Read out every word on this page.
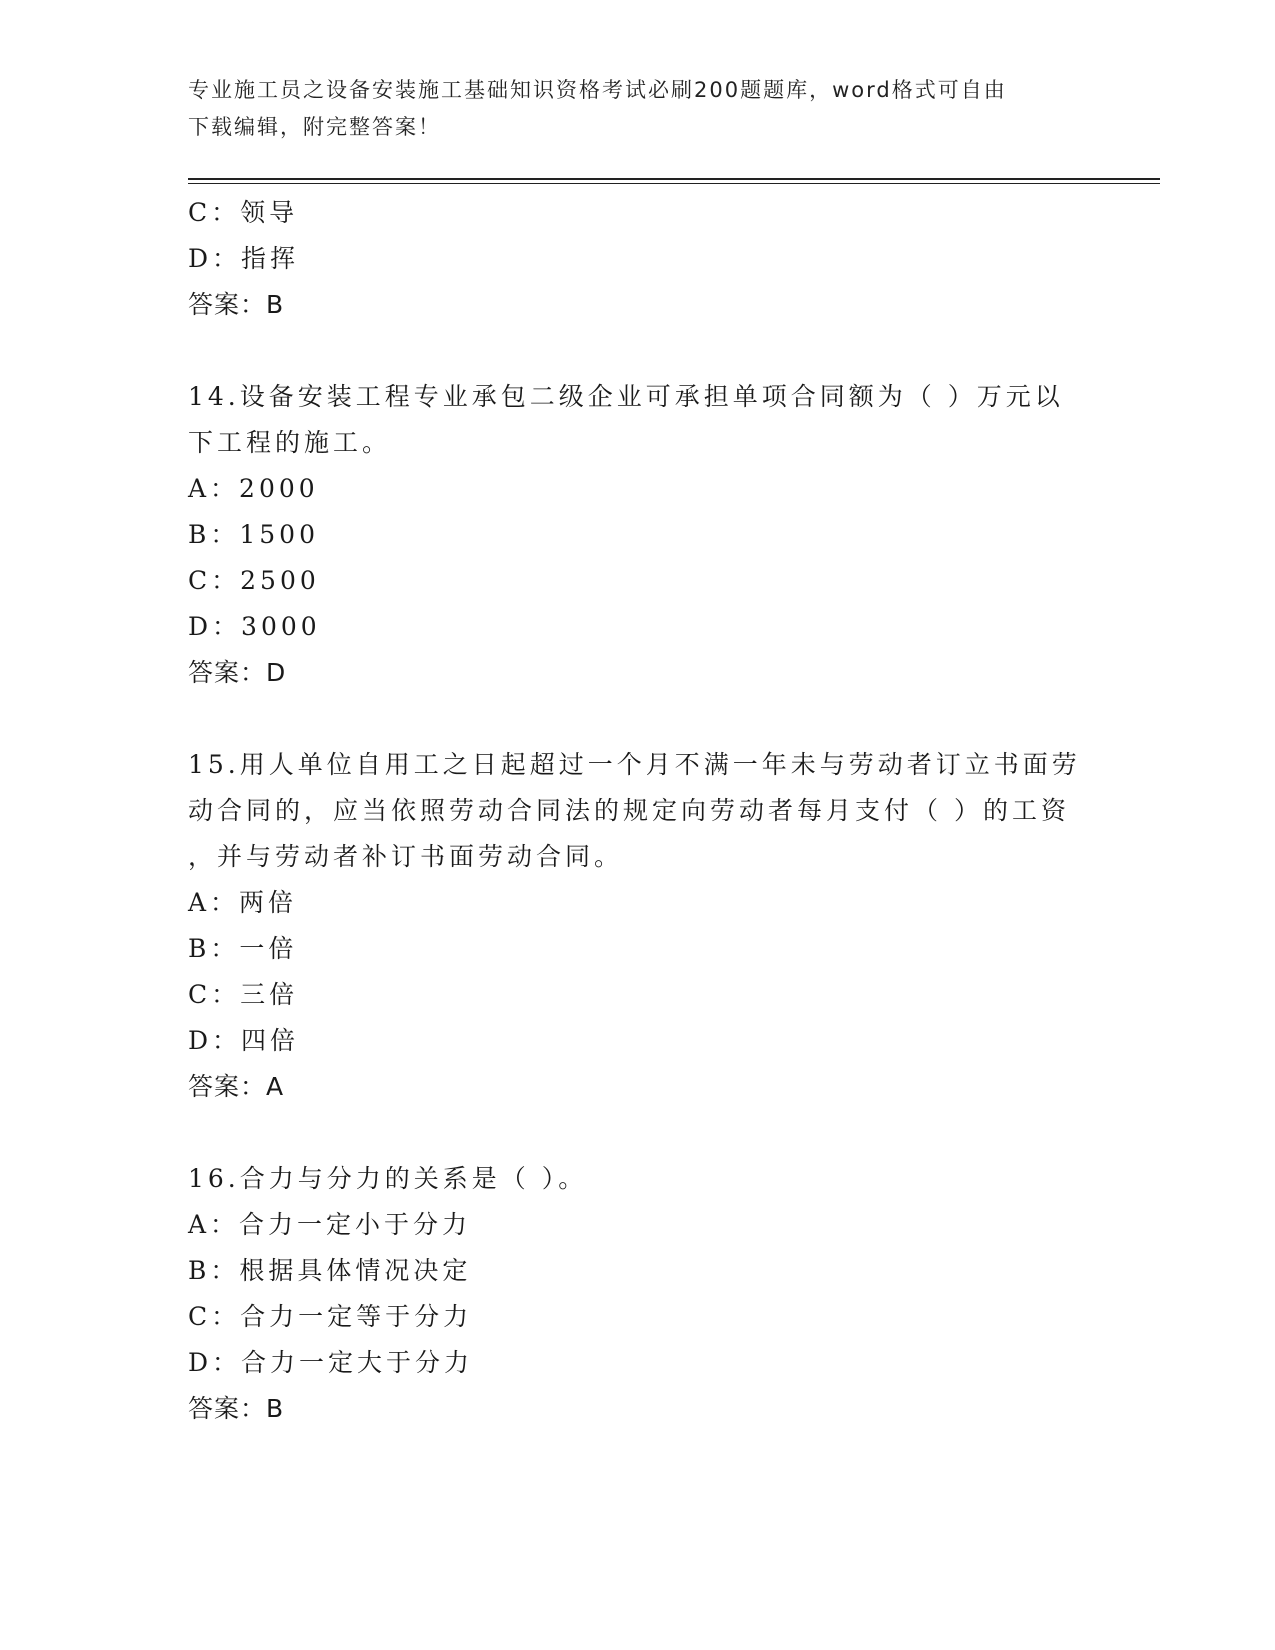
专业施工员之设备安装施工基础知识资格考试必刷200题题库，word格式可自由
下载编辑，附完整答案！
C：领导
D：指挥
答案：B
14.设备安装工程专业承包二级企业可承担单项合同额为（ ）万元以
下工程的施工。
A：2000
B：1500
C：2500
D：3000
答案：D
15.用人单位自用工之日起超过一个月不满一年未与劳动者订立书面劳
动合同的，应当依照劳动合同法的规定向劳动者每月支付（ ）的工资
，并与劳动者补订书面劳动合同。
A：两倍
B：一倍
C：三倍
D：四倍
答案：A
16.合力与分力的关系是（ ）。
A：合力一定小于分力
B：根据具体情况决定
C：合力一定等于分力
D：合力一定大于分力
答案：B
